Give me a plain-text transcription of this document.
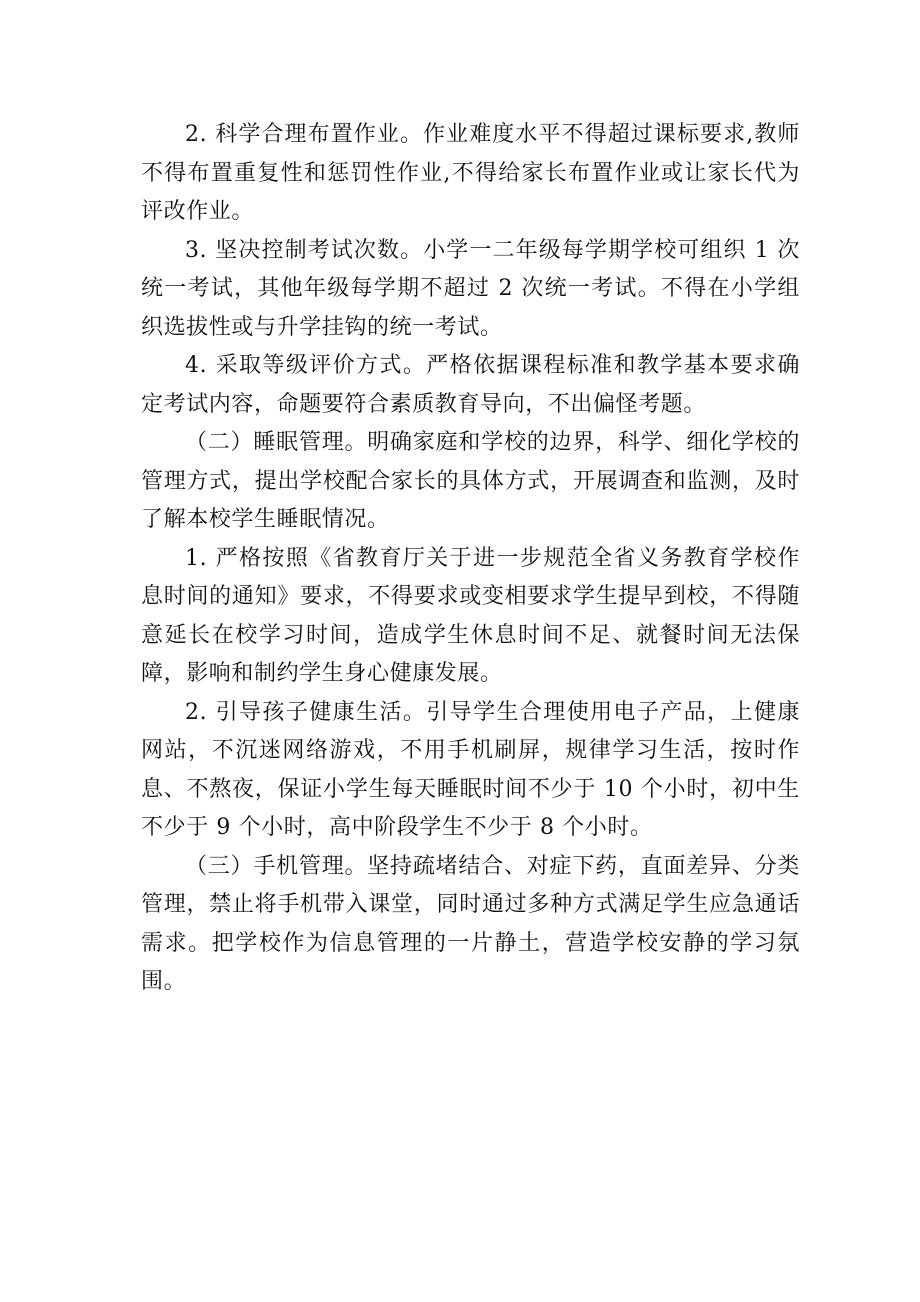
2. 科学合理布置作业。作业难度水平不得超过课标要求,教师不得布置重复性和惩罚性作业,不得给家长布置作业或让家长代为评改作业。

3. 坚决控制考试次数。小学一二年级每学期学校可组织 1 次统一考试，其他年级每学期不超过 2 次统一考试。不得在小学组织选拔性或与升学挂钩的统一考试。

4. 采取等级评价方式。严格依据课程标准和教学基本要求确定考试内容，命题要符合素质教育导向，不出偏怪考题。

（二）睡眠管理。明确家庭和学校的边界，科学、细化学校的管理方式，提出学校配合家长的具体方式，开展调查和监测，及时了解本校学生睡眠情况。

1. 严格按照《省教育厅关于进一步规范全省义务教育学校作息时间的通知》要求，不得要求或变相要求学生提早到校，不得随意延长在校学习时间，造成学生休息时间不足、就餐时间无法保障，影响和制约学生身心健康发展。

2. 引导孩子健康生活。引导学生合理使用电子产品，上健康网站，不沉迷网络游戏，不用手机刷屏，规律学习生活，按时作息、不熬夜，保证小学生每天睡眠时间不少于 10 个小时，初中生不少于 9 个小时，高中阶段学生不少于 8 个小时。

（三）手机管理。坚持疏堵结合、对症下药，直面差异、分类管理，禁止将手机带入课堂，同时通过多种方式满足学生应急通话需求。把学校作为信息管理的一片静土，营造学校安静的学习氛围。
